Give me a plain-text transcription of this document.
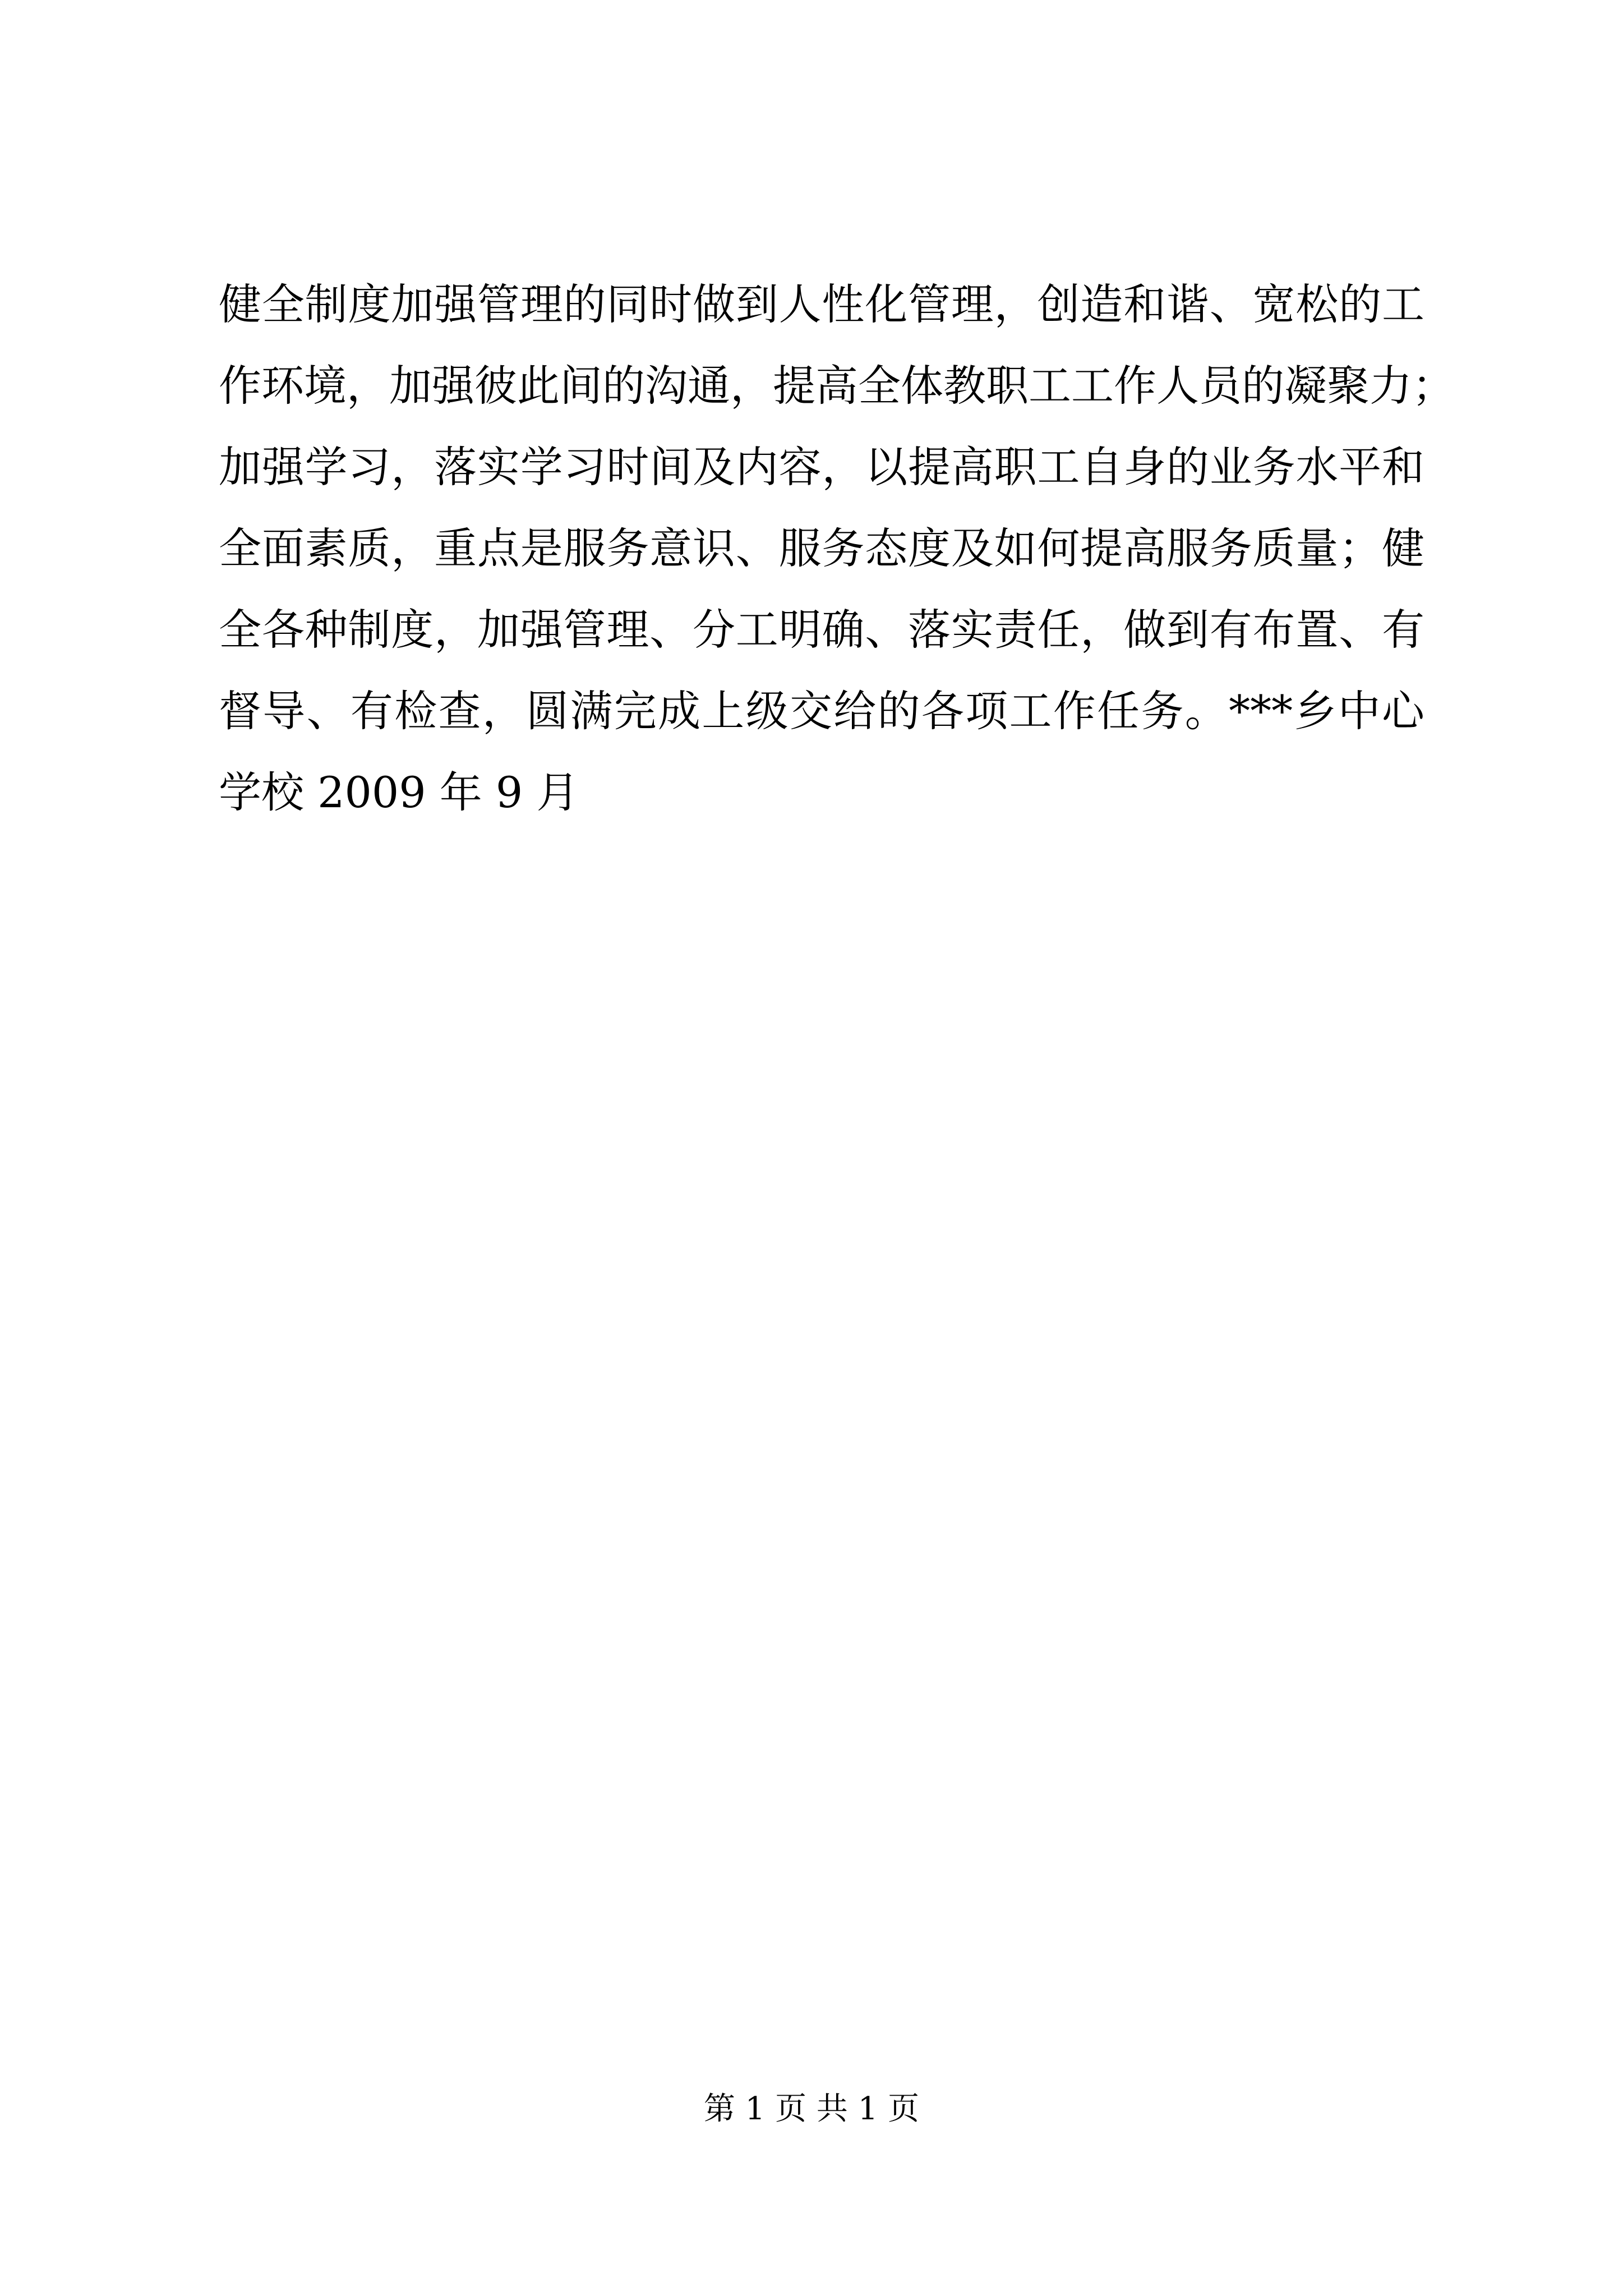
健全制度加强管理的同时做到人性化管理，创造和谐、宽松的工
作环境，加强彼此间的沟通，提高全体教职工工作人员的凝聚力；
加强学习，落实学习时间及内容，以提高职工自身的业务水平和
全面素质，重点是服务意识、服务态度及如何提高服务质量；健
全各种制度，加强管理、分工明确、落实责任，做到有布置、有
督导、有检查，圆满完成上级交给的各项工作任务。***乡中心
学校 2009 年 9 月
第 1 页 共 1 页
